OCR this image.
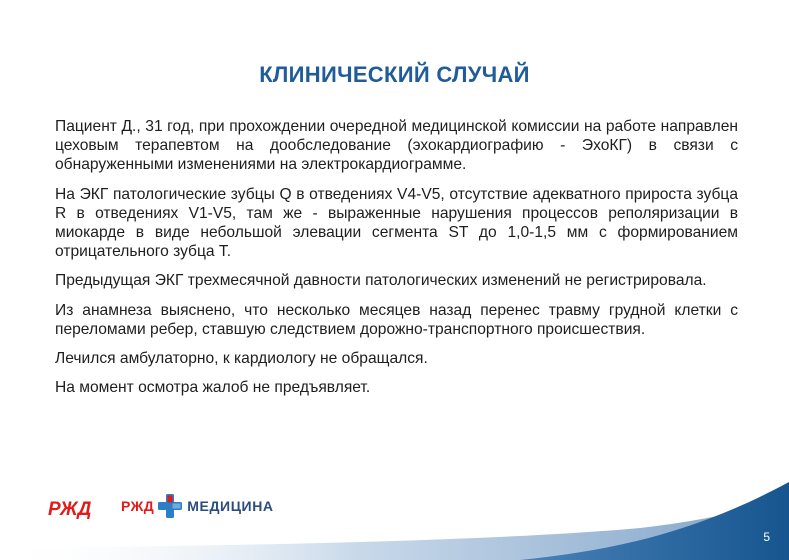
КЛИНИЧЕСКИЙ СЛУЧАЙ

Пациент Д., 31 год, при прохождении очередной медицинской комиссии на работе направлен цеховым терапевтом на дообследование (эхокардиографию - ЭхоКГ) в связи с обнаруженными изменениями на электрокардиограмме.

На ЭКГ патологические зубцы Q в отведениях V4-V5, отсутствие адекватного прироста зубца R в отведениях V1-V5, там же - выраженные нарушения процессов реполяризации в миокарде в виде небольшой элевации сегмента ST до 1,0-1,5 мм с формированием отрицательного зубца Т.

Предыдущая ЭКГ трехмесячной давности патологических изменений не регистрировала.

Из анамнеза выяснено, что несколько месяцев назад перенес травму грудной клетки с переломами ребер, ставшую следствием дорожно-транспортного происшествия.

Лечился амбулаторно, к кардиологу не обращался.

На момент осмотра жалоб не предъявляет.

РЖД РЖД МЕДИЦИНА
5
